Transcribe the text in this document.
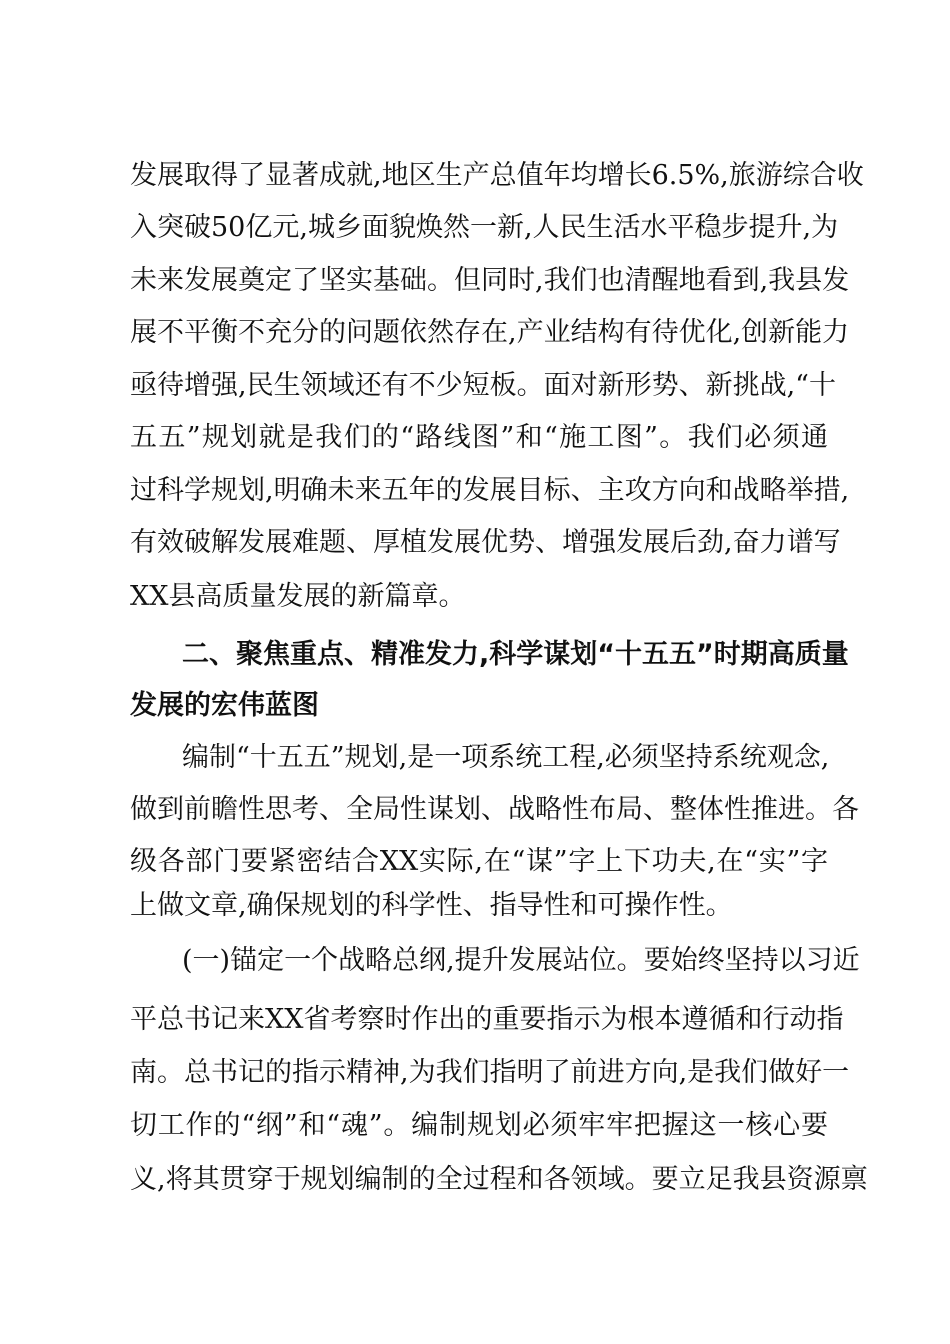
发展取得了显著成就,地区生产总值年均增长6.5%,旅游综合收
入突破50亿元,城乡面貌焕然一新,人民生活水平稳步提升,为
未来发展奠定了坚实基础。但同时,我们也清醒地看到,我县发
展不平衡不充分的问题依然存在,产业结构有待优化,创新能力
亟待增强,民生领域还有不少短板。面对新形势、新挑战,“十
五五”规划就是我们的“路线图”和“施工图”。我们必须通
过科学规划,明确未来五年的发展目标、主攻方向和战略举措,
有效破解发展难题、厚植发展优势、增强发展后劲,奋力谱写
XX县高质量发展的新篇章。
二、聚焦重点、精准发力,科学谋划“十五五”时期高质量
发展的宏伟蓝图
编制“十五五”规划,是一项系统工程,必须坚持系统观念,
做到前瞻性思考、全局性谋划、战略性布局、整体性推进。各
级各部门要紧密结合XX实际,在“谋”字上下功夫,在“实”字
上做文章,确保规划的科学性、指导性和可操作性。
(一)锚定一个战略总纲,提升发展站位。要始终坚持以习近
平总书记来XX省考察时作出的重要指示为根本遵循和行动指
南。总书记的指示精神,为我们指明了前进方向,是我们做好一
切工作的“纲”和“魂”。编制规划必须牢牢把握这一核心要
义,将其贯穿于规划编制的全过程和各领域。要立足我县资源禀
